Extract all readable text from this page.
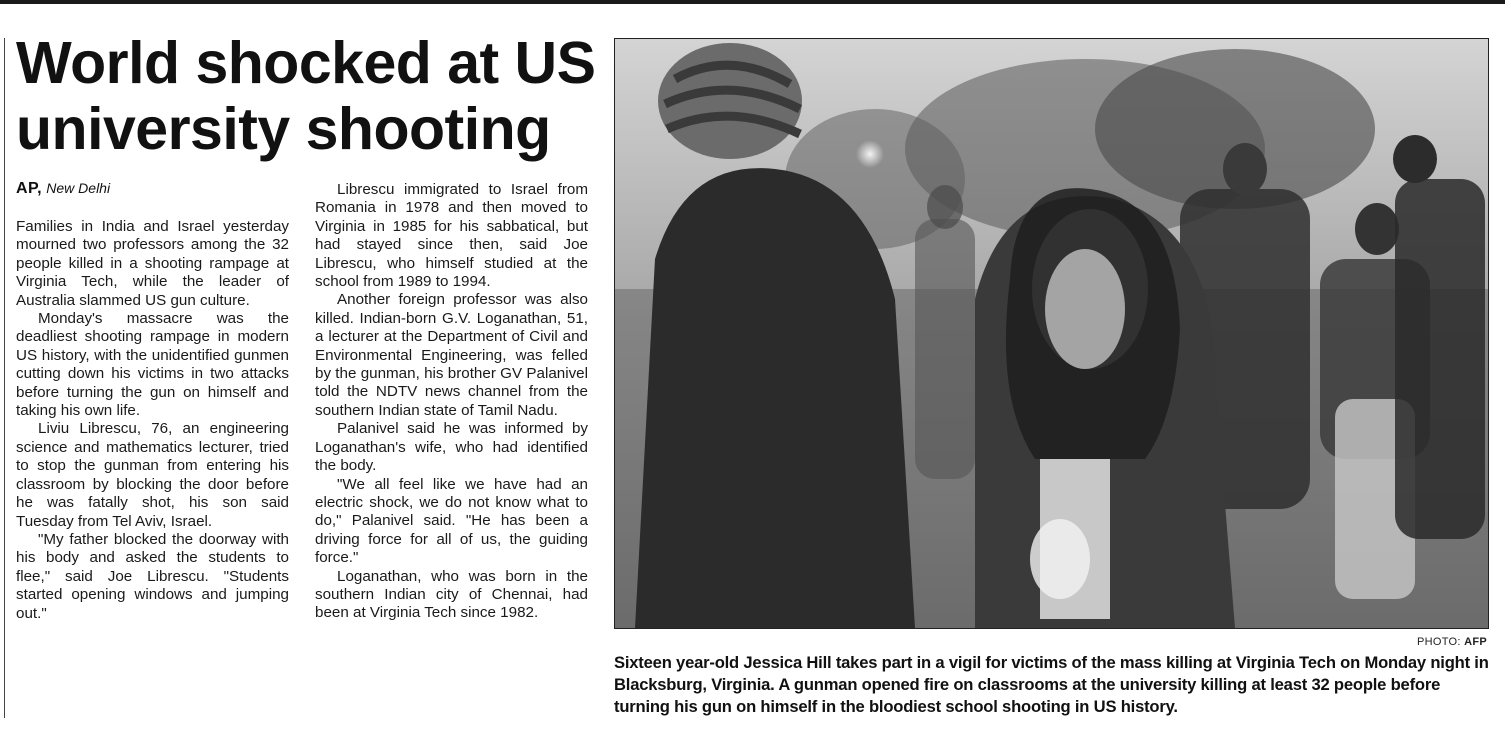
World shocked at US university shooting
AP, New Delhi

Families in India and Israel yesterday mourned two professors among the 32 people killed in a shooting rampage at Virginia Tech, while the leader of Australia slammed US gun culture.

Monday's massacre was the deadliest shooting rampage in modern US history, with the unidentified gunmen cutting down his victims in two attacks before turning the gun on himself and taking his own life.

Liviu Librescu, 76, an engineering science and mathematics lecturer, tried to stop the gunman from entering his classroom by blocking the door before he was fatally shot, his son said Tuesday from Tel Aviv, Israel.

"My father blocked the doorway with his body and asked the students to flee," said Joe Librescu. "Students started opening windows and jumping out."

Librescu immigrated to Israel from Romania in 1978 and then moved to Virginia in 1985 for his sabbatical, but had stayed since then, said Joe Librescu, who himself studied at the school from 1989 to 1994.

Another foreign professor was also killed. Indian-born G.V. Loganathan, 51, a lecturer at the Department of Civil and Environmental Engineering, was felled by the gunman, his brother GV Palanivel told the NDTV news channel from the southern Indian state of Tamil Nadu.

Palanivel said he was informed by Loganathan's wife, who had identified the body.

"We all feel like we have had an electric shock, we do not know what to do," Palanivel said. "He has been a driving force for all of us, the guiding force."

Loganathan, who was born in the southern Indian city of Chennai, had been at Virginia Tech since 1982.

PHOTO: AFP

Sixteen year-old Jessica Hill takes part in a vigil for victims of the mass killing at Virginia Tech on Monday night in Blacksburg, Virginia. A gunman opened fire on classrooms at the university killing at least 32 people before turning his gun on himself in the bloodiest school shooting in US history.
